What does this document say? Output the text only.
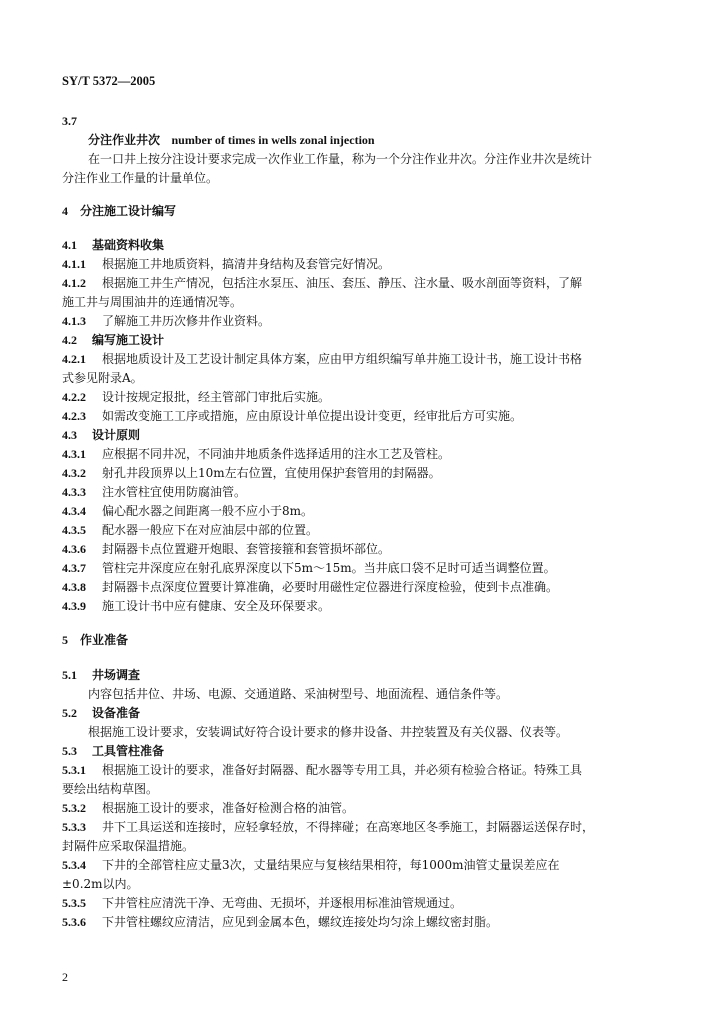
SY/T 5372—2005
3.7
分注作业井次 number of times in wells zonal injection
在一口井上按分注设计要求完成一次作业工作量，称为一个分注作业井次。分注作业井次是统计
分注作业工作量的计量单位。
4 分注施工设计编写
4.1 基础资料收集
4.1.1 根据施工井地质资料，搞清井身结构及套管完好情况。
4.1.2 根据施工井生产情况，包括注水泵压、油压、套压、静压、注水量、吸水剖面等资料，了解
施工井与周围油井的连通情况等。
4.1.3 了解施工井历次修井作业资料。
4.2 编写施工设计
4.2.1 根据地质设计及工艺设计制定具体方案，应由甲方组织编写单井施工设计书，施工设计书格
式参见附录A。
4.2.2 设计按规定报批，经主管部门审批后实施。
4.2.3 如需改变施工工序或措施，应由原设计单位提出设计变更，经审批后方可实施。
4.3 设计原则
4.3.1 应根据不同井况，不同油井地质条件选择适用的注水工艺及管柱。
4.3.2 射孔井段顶界以上10m左右位置，宜使用保护套管用的封隔器。
4.3.3 注水管柱宜使用防腐油管。
4.3.4 偏心配水器之间距离一般不应小于8m。
4.3.5 配水器一般应下在对应油层中部的位置。
4.3.6 封隔器卡点位置避开炮眼、套管接箍和套管损坏部位。
4.3.7 管柱完井深度应在射孔底界深度以下5m～15m。当井底口袋不足时可适当调整位置。
4.3.8 封隔器卡点深度位置要计算准确，必要时用磁性定位器进行深度检验，使到卡点准确。
4.3.9 施工设计书中应有健康、安全及环保要求。
5 作业准备
5.1 井场调查
内容包括井位、井场、电源、交通道路、采油树型号、地面流程、通信条件等。
5.2 设备准备
根据施工设计要求，安装调试好符合设计要求的修井设备、井控装置及有关仪器、仪表等。
5.3 工具管柱准备
5.3.1 根据施工设计的要求，准备好封隔器、配水器等专用工具，并必须有检验合格证。特殊工具
要绘出结构草图。
5.3.2 根据施工设计的要求，准备好检测合格的油管。
5.3.3 井下工具运送和连接时，应轻拿轻放，不得摔碰；在高寒地区冬季施工，封隔器运送保存时，
封隔件应采取保温措施。
5.3.4 下井的全部管柱应丈量3次，丈量结果应与复核结果相符，每1000m油管丈量误差应在
±0.2m以内。
5.3.5 下井管柱应清洗干净、无弯曲、无损坏，并逐根用标准油管规通过。
5.3.6 下井管柱螺纹应清洁，应见到金属本色，螺纹连接处均匀涂上螺纹密封脂。
2
